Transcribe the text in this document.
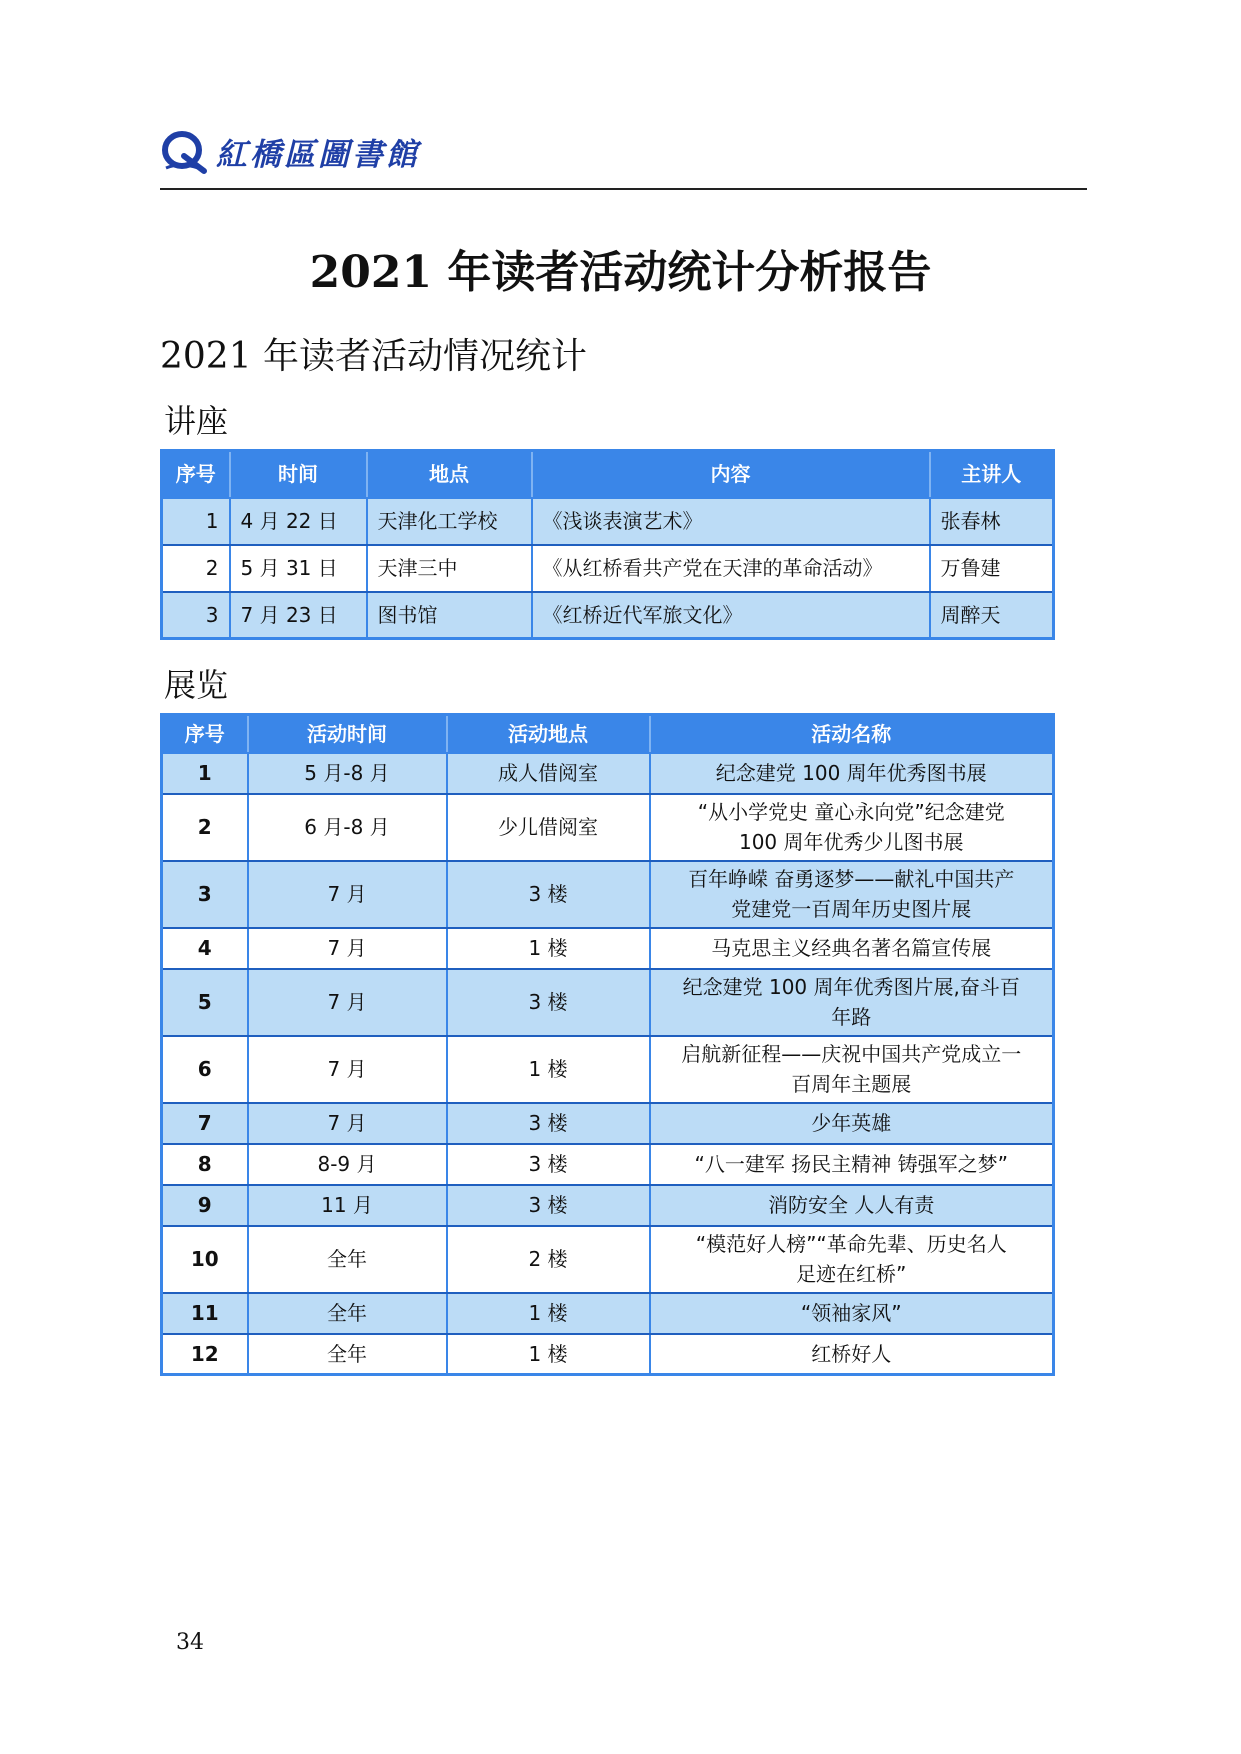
紅橋區圖書館
2021 年读者活动统计分析报告
2021 年读者活动情况统计
讲座
序号	时间	地点	内容	主讲人
1	4 月 22 日	天津化工学校	《浅谈表演艺术》	张春林
2	5 月 31 日	天津三中	《从红桥看共产党在天津的革命活动》	万鲁建
3	7 月 23 日	图书馆	《红桥近代军旅文化》	周醉天
展览
序号	活动时间	活动地点	活动名称
1	5 月-8 月	成人借阅室	纪念建党 100 周年优秀图书展
2	6 月-8 月	少儿借阅室	“从小学党史 童心永向党”纪念建党
100 周年优秀少儿图书展

3	7 月	3 楼	百年峥嵘 奋勇逐梦——献礼中国共产
党建党一百周年历史图片展

4	7 月	1 楼	马克思主义经典名著名篇宣传展
5	7 月	3 楼	纪念建党 100 周年优秀图片展,奋斗百
年路

6	7 月	1 楼	启航新征程——庆祝中国共产党成立一
百周年主题展

7	7 月	3 楼	少年英雄
8	8-9 月	3 楼	“八一建军 扬民主精神 铸强军之梦”
9	11 月	3 楼	消防安全 人人有责
10	全年	2 楼	“模范好人榜”“革命先辈、历史名人
足迹在红桥”

11	全年	1 楼	“领袖家风”
12	全年	1 楼	红桥好人
34
